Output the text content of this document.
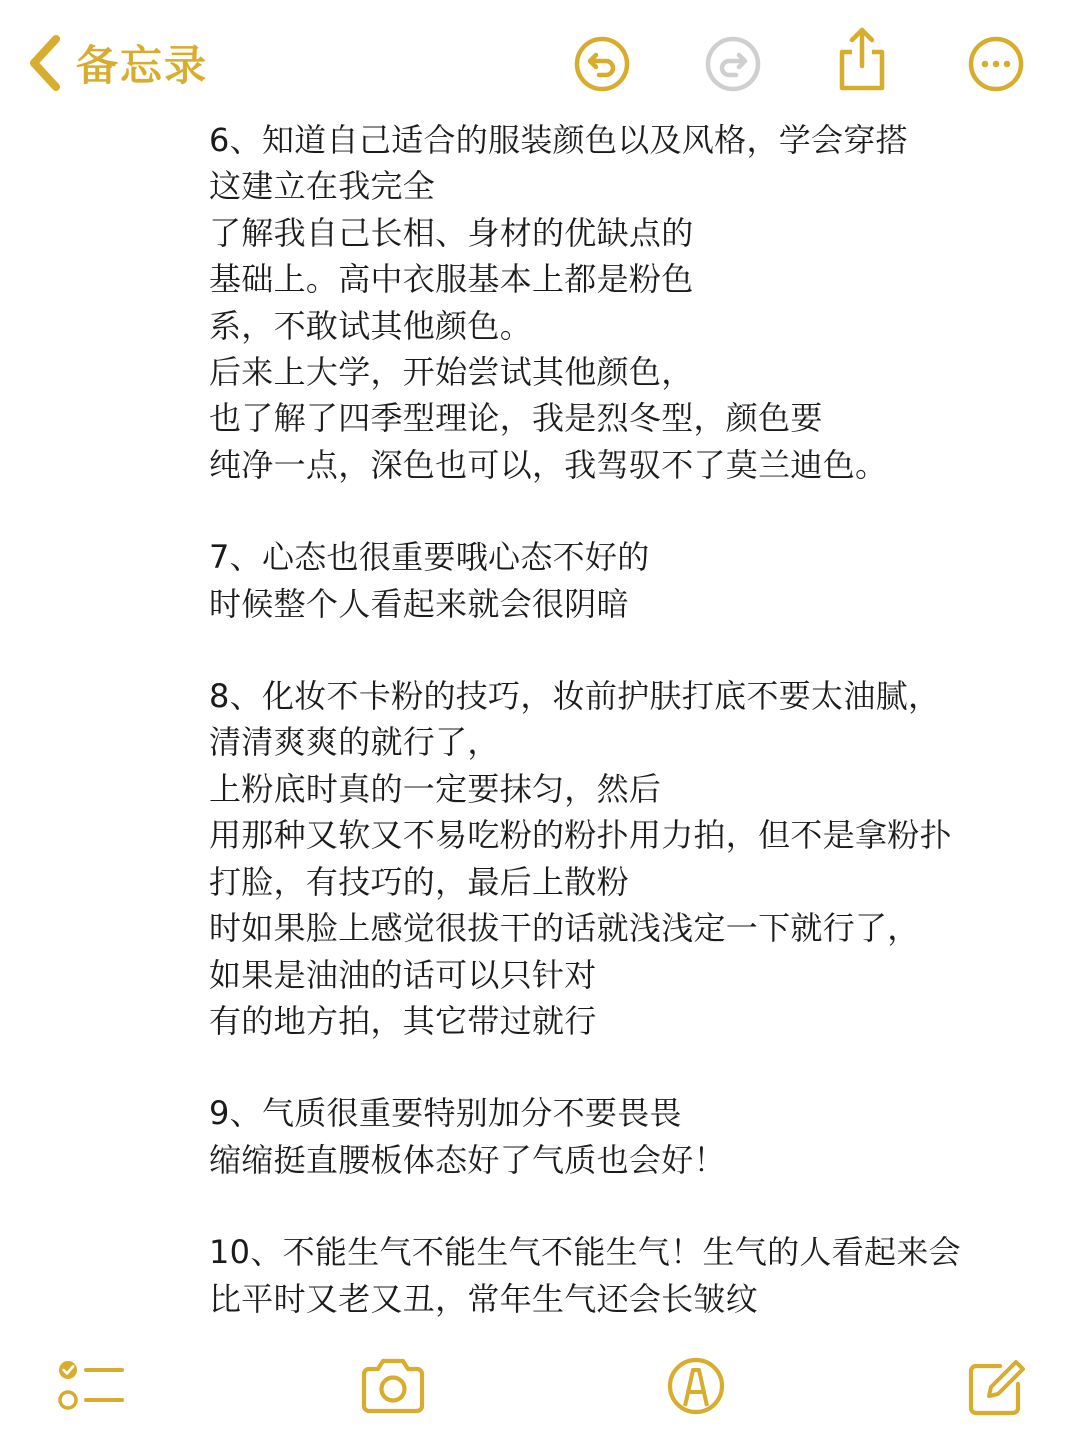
备忘录
6、知道自己适合的服装颜色以及风格，学会穿搭
这建立在我完全
了解我自己长相、身材的优缺点的
基础上。高中衣服基本上都是粉色
系，不敢试其他颜色。
后来上大学，开始尝试其他颜色，
也了解了四季型理论，我是烈冬型，颜色要
纯净一点，深色也可以，我驾驭不了莫兰迪色。
7、心态也很重要哦心态不好的
时候整个人看起来就会很阴暗
8、化妆不卡粉的技巧，妆前护肤打底不要太油腻，
清清爽爽的就行了，
上粉底时真的一定要抹匀，然后
用那种又软又不易吃粉的粉扑用力拍，但不是拿粉扑
打脸，有技巧的，最后上散粉
时如果脸上感觉很拔干的话就浅浅定一下就行了，
如果是油油的话可以只针对
有的地方拍，其它带过就行
9、气质很重要特别加分不要畏畏
缩缩挺直腰板体态好了气质也会好！
10、不能生气不能生气不能生气！生气的人看起来会
比平时又老又丑，常年生气还会长皱纹
